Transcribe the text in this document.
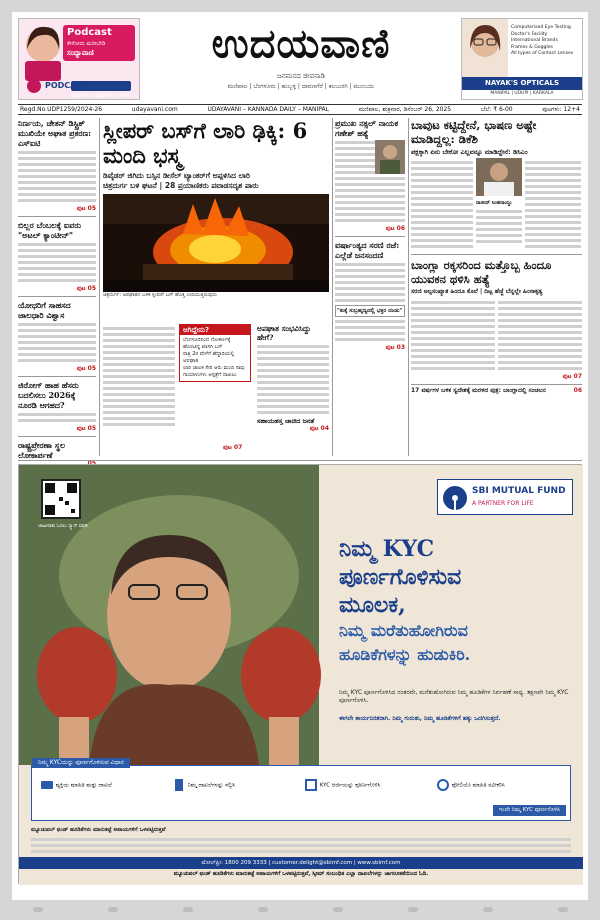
Podcast
ಕೇಳೋದು ಮರೀಬೇಡಿ
ಸಂಧ್ಯಾವಾಣಿ
PODCAST
podcast.udayavani.com
ಉದಯವಾಣಿ
ಜನಮನದ ಜೀವನಾಡಿ
ಮಣಿಪಾಲ | ಬೆಂಗಳೂರು | ಹುಬ್ಬಳ್ಳಿ | ದಾವಣಗೆರೆ | ಕಲಬುರಗಿ | ಮುಂಬಯಿ
Computerised Eye Testing
Doctor's Facility
International Brands
Frames & Goggles
All types of Contact Lenses
NAYAK'S OPTICALS
MANIPAL | UDUPI | KARKALA
Regd.No.UDP1259/2024-26	udayavani.com	UDAYAVANI – KANNADA DAILY – MANIPAL	ಮಣಿಪಾಲ, ಶುಕ್ರವಾರ, ಡಿಸೆಂಬರ್ 26, 2025	ಬೆಲೆ: ₹ 6-00	ಪುಟಗಳು: 12+4
ನಿರ್ಣಯ, ಚೇತನ್‌ ಡಿಸ್ಟ್ರಿಕ್ ಮುಖಿಯೇ ಅಘಾತ ಪ್ರಕರಣ: ಎಸ್‌ಐಟಿ
ಪುಟ 05
ಬಿಲ್ಲರ ಬೆಂಬಲಕ್ಕೆ ಐವರು "ಅಟಲ್ ಕ್ಯಾಂಟೀನ್"
ಪುಟ 05
ಯೋಧರಿಗೆ ಸಾಹಸದ ಜಾಲಧಾರಿ ವಿಶ್ವಾಸ
ಪುಟ 05
ಜಿರೋಗ್ ಹಾಹ ಹೆಸರು ಬದಲಿಸಲು 2026ಕ್ಕೆ ನೂರಡಿ ಆಗಹದ?
ಪುಟ 05
ರಾಷ್ಟ್ರಪ್ರೇರಣಾ ಸ್ಥಲ ಲೋಕಾರ್ಪಣೆ
ಸ್ಲೀಪರ್ ಬಸ್‌ಗೆ ಲಾರಿ ಢಿಕ್ಕಿ: 6 ಮಂದಿ ಭಸ್ಮ
ಡಿವೈಡರ್ ಜಿಗಿದು ಬಸ್ಸಿನ ಡೀಸೆಲ್ ಟ್ಯಾಂಕರ್‌ಗೆ ಅಪ್ಪಳಿಸಿದ ಲಾರಿ
ಚಿತ್ರದುರ್ಗ ಬಳಿ ಘಟನೆ | 28 ಪ್ರಯಾಣಿಕರು ಪವಾಡಸದೃಶ ಪಾರು
ಚಿತ್ರದುರ್ಗ: ಅಪಘಾತದ ಬಳಿಕ ಸ್ಲೀಪರ್ ಬಸ್ ಹೊತ್ತಿ ಉರಿಯುತ್ತಿರುವುದು
ಆಗಿದ್ದೇನು?
ಬೆಂಗಳೂರಿನಿಂದ ಗೋಕರ್ಣಕ್ಕೆ ಹೊರಟಿದ್ದ ಖಾಸಗಿ ಬಸ್
ರಾತ್ರಿ 2ರ ವೇಳೆಗೆ ಹೆದ್ದಾರಿಯಲ್ಲಿ ಅಪಘಾತ
ಲಾರಿ ಚಾಲಕ ಸೇರಿ ಆರು ಮಂದಿ ಸಾವು
ಗಾಯಾಳುಗಳು ಆಸ್ಪತ್ರೆಗೆ ದಾಖಲು
ಪುಟ 07
ಅಪಘಾತ ಸಂಭವಿಸಿದ್ದು ಹೇಗೆ?
ಸಹಾಯಹಸ್ತ ಚಾಚಿದ ಜನತೆ
ಪುಟ 04
ಪ್ರಮುಖ ನಕ್ಸಲ್ ನಾಯಕ ಗಣೇಶ್ ಹತ್ಯೆ
ಪುಟ 06
ವರ್ಷಾಂತ್ಯದ ಸರಣಿ ರಜೆ: ಎಲ್ಲೆಡೆ ಜನಸಂದಣಿ
"ಕುಕ್ಕೆ ಸುಬ್ರಹ್ಮಣ್ಯದಲ್ಲಿ ಭಕ್ತರ ದಂಡು"
ಪುಟ 03
ಬಾವುಟ ಕಟ್ಟಿದ್ದೇನೆ, ಭಾಷಣ ಅಷ್ಟೇ ಮಾಡಿದ್ದಲ್ಲ: ಡಿಕೆಶಿ
ಪಕ್ಷಕ್ಕಾಗಿ ಏನು ಬೇಕೋ ಎಲ್ಲವನ್ನೂ ಮಾಡಿದ್ದೇನೆ: ಡಿಸಿಎಂ
ರಾಜೀವ್ ಸಿಂಹನಾಯ್ಡು
ಬಾಂಗ್ಲಾ ರಕ್ಕಸರಿಂದ ಮತ್ತೊಬ್ಬ ಹಿಂದೂ ಯುವಕನ ಥಳಿಸಿ ಹತ್ಯೆ
ಸರಣಿ ಅಲ್ಪಸಂಖ್ಯಾತ ಹಿಂದೂ ಕೊಲೆ | ದಿಟ್ಟ ಹೆಜ್ಜೆ ಬೆನ್ನಲ್ಲೇ ಹಿಂಸಾಕೃತ್ಯ
ಪುಟ 07
17 ವರ್ಷಗಳ ಬಳಿಕ ಸ್ವದೇಶಕ್ಕೆ ಮರಳಿದ ಪುತ್ರ: ಬಾಂಗ್ಲಾದಲ್ಲಿ ಸಂಚಲನ	06
ಜಾಹೀರಾತು ಓದಲು ಸ್ಕ್ಯಾನ್ ಮಾಡಿ
SBI MUTUAL FUND
A PARTNER FOR LIFE
ನಿಮ್ಮ KYC
ಪೂರ್ಣಗೊಳಿಸುವ
ಮೂಲಕ,
ನಿಮ್ಮ ಮರೆತುಹೋಗಿರುವ
ಹೂಡಿಕೆಗಳನ್ನು ಹುಡುಕಿರಿ.
ನಿಮ್ಮ KYC ಪೂರ್ಣಗೊಳಿಸಿದ ನಂತರವೇ, ಮರೆತುಹೋಗಿರುವ ನಿಮ್ಮ ಹೂಡಿಕೆಗಳ ನಿರ್ವಹಣೆ ಸಾಧ್ಯ. ತಕ್ಷಣವೇ ನಿಮ್ಮ KYC ಪೂರ್ಣಗೊಳಿಸಿ.
ಈಗಲೇ ಕಾರ್ಯನಿರತರಾಗಿ. ನಿಮ್ಮ ಗುರುತು, ನಿಮ್ಮ ಹೂಡಿಕೆಗಳಿಗೆ ಹಕ್ಕು ಒದಗಿಸುತ್ತದೆ.
ನಿಮ್ಮ KYCಯನ್ನು ಪೂರ್ಣಗೊಳಿಸುವ ವಿಧಾನ
ವ್ಯಕ್ತಿಯ ಮಾಹಿತಿ ಮತ್ತು ದಾಖಲೆ	ನಿಮ್ಮ ದಾಖಲೆಗಳನ್ನು ಸಲ್ಲಿಸಿ	KYC ಅರ್ಜಿಯನ್ನು ಪೂರ್ಣಗೊಳಿಸಿ	ಫೋಲಿಯೊ ಮಾಹಿತಿ ನವೀಕರಿಸಿ
ಇಂದೇ ನಿಮ್ಮ KYC ಪೂರ್ಣಗೊಳಿಸಿ
ಮ್ಯೂಚುವಲ್ ಫಂಡ್ ಹೂಡಿಕೆಗಳು ಮಾರುಕಟ್ಟೆ ಅಪಾಯಗಳಿಗೆ ಒಳಪಟ್ಟಿರುತ್ತವೆ
ಟೋಲ್‌ಫ್ರೀ: 1800 209 3333 | customer.delight@sbimf.com | www.sbimf.com
ಮ್ಯೂಚುವಲ್ ಫಂಡ್ ಹೂಡಿಕೆಗಳು ಮಾರುಕಟ್ಟೆ ಅಪಾಯಗಳಿಗೆ ಒಳಪಟ್ಟಿರುತ್ತವೆ, ಸ್ಕೀಮ್ ಸಂಬಂಧಿತ ಎಲ್ಲಾ ದಾಖಲೆಗಳನ್ನು ಜಾಗರೂಕತೆಯಿಂದ ಓದಿ.
